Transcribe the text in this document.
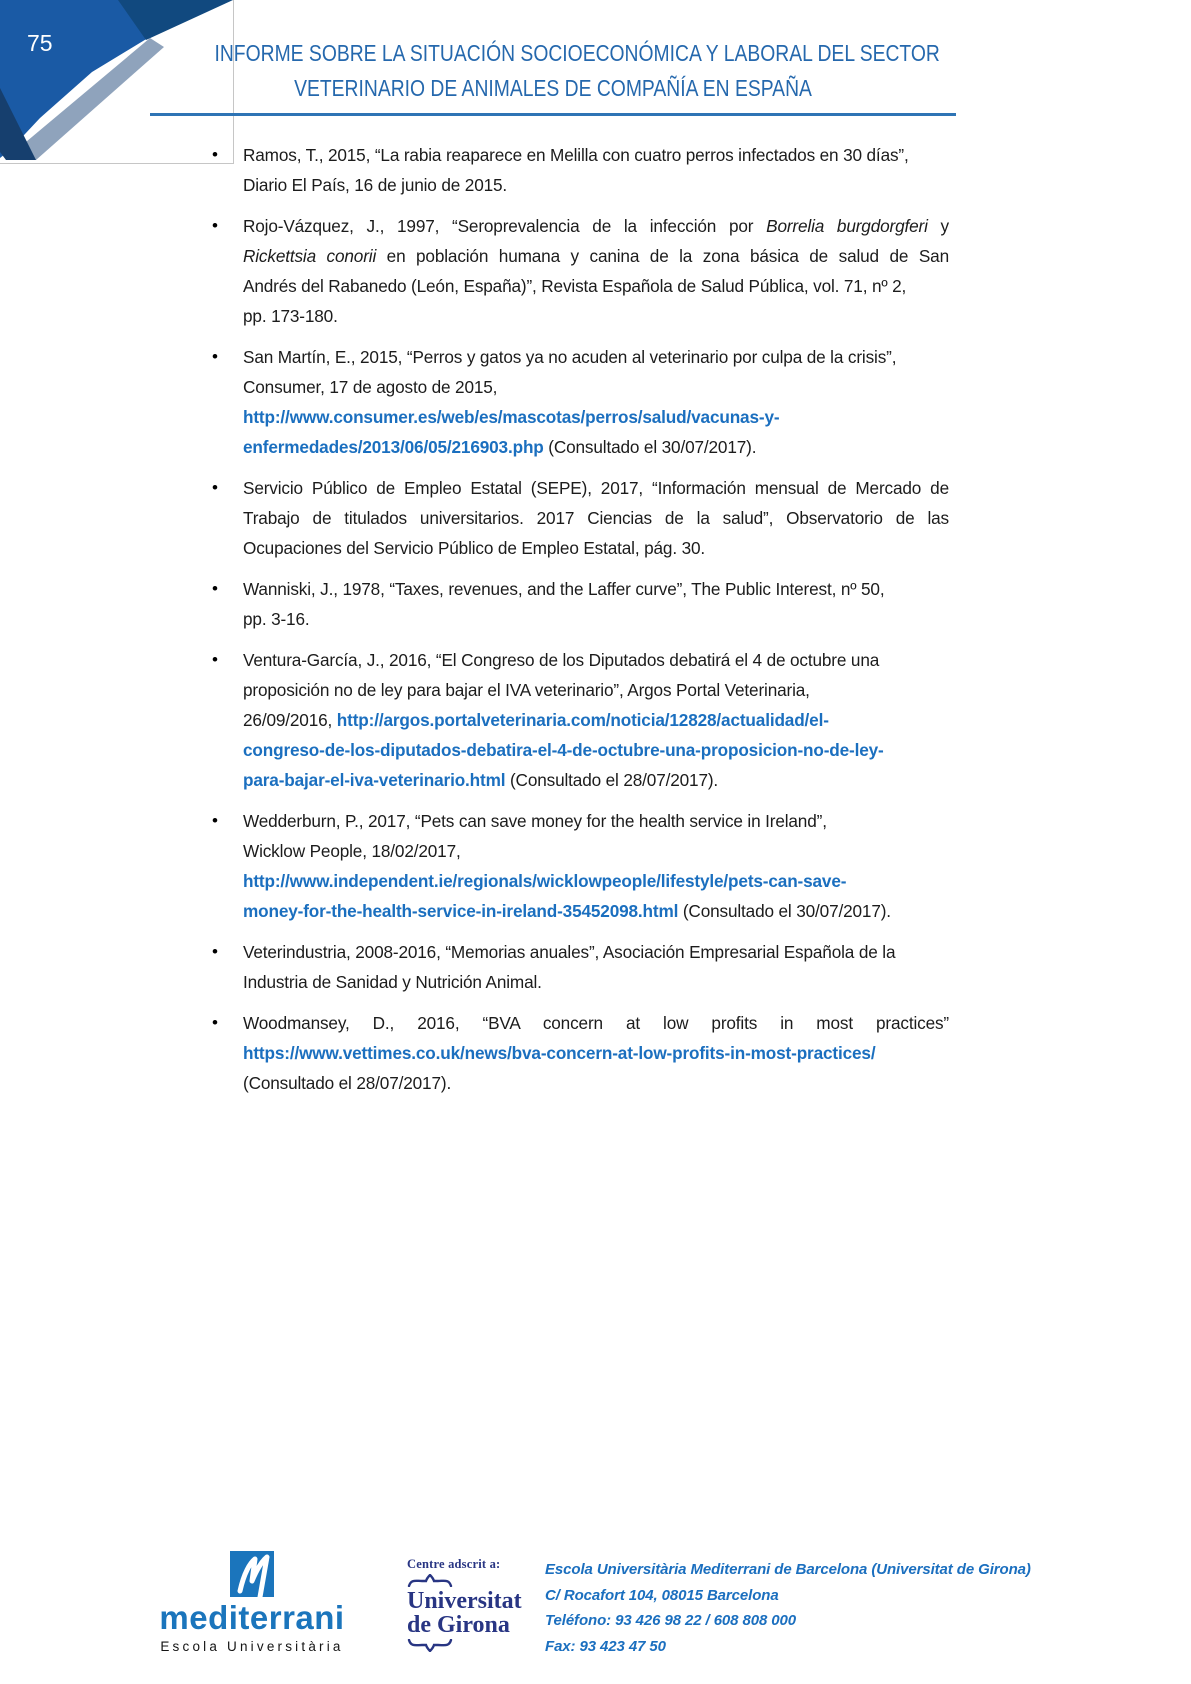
75	INFORME SOBRE LA SITUACIÓN SOCIOECONÓMICA Y LABORAL DEL SECTOR
VETERINARIO DE ANIMALES DE COMPAÑÍA EN ESPAÑA
• Ramos, T., 2015, “La rabia reaparece en Melilla con cuatro perros infectados en 30 días”,
Diario El País, 16 de junio de 2015.
• Rojo-Vázquez, J., 1997, “Seroprevalencia de la infección por Borrelia burgdorgferi y
Rickettsia conorii en población humana y canina de la zona básica de salud de San
Andrés del Rabanedo (León, España)”, Revista Española de Salud Pública, vol. 71, nº 2,
pp. 173-180.
• San Martín, E., 2015, “Perros y gatos ya no acuden al veterinario por culpa de la crisis”,
Consumer, 17 de agosto de 2015,
http://www.consumer.es/web/es/mascotas/perros/salud/vacunas-y-
enfermedades/2013/06/05/216903.php (Consultado el 30/07/2017).
• Servicio Público de Empleo Estatal (SEPE), 2017, “Información mensual de Mercado de
Trabajo de titulados universitarios. 2017 Ciencias de la salud”, Observatorio de las
Ocupaciones del Servicio Público de Empleo Estatal, pág. 30.
• Wanniski, J., 1978, “Taxes, revenues, and the Laffer curve”, The Public Interest, nº 50,
pp. 3-16.
• Ventura-García, J., 2016, “El Congreso de los Diputados debatirá el 4 de octubre una
proposición no de ley para bajar el IVA veterinario”, Argos Portal Veterinaria,
26/09/2016, http://argos.portalveterinaria.com/noticia/12828/actualidad/el-
congreso-de-los-diputados-debatira-el-4-de-octubre-una-proposicion-no-de-ley-
para-bajar-el-iva-veterinario.html (Consultado el 28/07/2017).
• Wedderburn, P., 2017, “Pets can save money for the health service in Ireland”,
Wicklow People, 18/02/2017,
http://www.independent.ie/regionals/wicklowpeople/lifestyle/pets-can-save-
money-for-the-health-service-in-ireland-35452098.html (Consultado el 30/07/2017).
• Veterindustria, 2008-2016, “Memorias anuales”, Asociación Empresarial Española de la
Industria de Sanidad y Nutrición Animal.
• Woodmansey, D., 2016, “BVA concern at low profits in most practices”
https://www.vettimes.co.uk/news/bva-concern-at-low-profits-in-most-practices/
(Consultado el 28/07/2017).
mediterrani
Escola Universitària
Centre adscrit a:
Universitat
de Girona
Escola Universitària Mediterrani de Barcelona (Universitat de Girona)
C/ Rocafort 104, 08015 Barcelona
Teléfono: 93 426 98 22 / 608 808 000
Fax: 93 423 47 50
